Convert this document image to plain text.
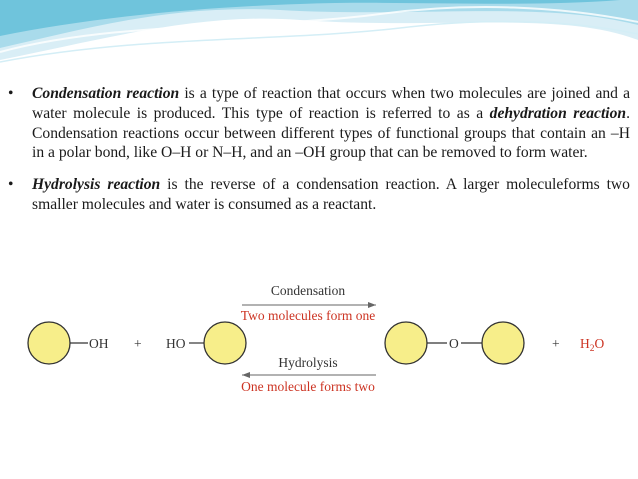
• Condensation reaction is a type of reaction that occurs when two molecules are joined and a water molecule is produced. This type of reaction is referred to as a dehydration reaction. Condensation reactions occur between different types of functional groups that contain an –H in a polar bond, like O–H or N–H, and an –OH group that can be removed to form water.
• Hydrolysis reaction is the reverse of a condensation reaction. A larger moleculeforms two smaller molecules and water is consumed as a reactant.
OH + HO
Condensation
Two molecules form one
Hydrolysis
One molecule forms two
O	+ $H_2O$
